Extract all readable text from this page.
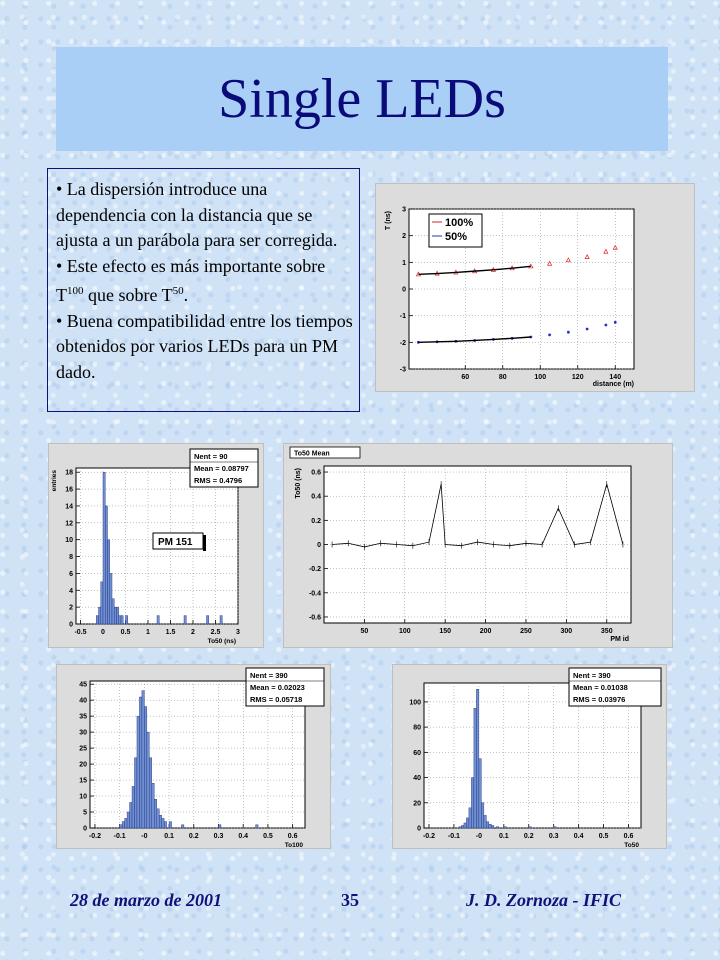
Single LEDs

• La dispersión introduce una dependencia con la distancia que se ajusta a un parábola para ser corregida.

• Este efecto es más importante sobre $T^{100}$ que sobre $T^{50}$.

• Buena compatibilidad entre los tiempos obtenidos por varios LEDs para un PM dado.	60	80	100	120	140
-3
-2
-1
0
1
2
3
100%
50%
distance (m)
T (ns)
-0.5 0 0.5 1 1.5 2 2.5 3
0
2
4
6
8
10
12
14
16
18
To50 (ns)
entries
Nent = 90
Mean = 0.08797
RMS = 0.4796
PM 151
50	100	150	200	250	300	350
0.6
0.4
0.2
0
-0.2
-0.4
-0.6
To50 Mean
PM id
To50 (ns)
-0.2 -0.1 -0 0.1 0.2 0.3 0.4 0.5 0.6
0
5
10
15
20
25
30
35
40
45
To100
Nent = 390
Mean = 0.02023
RMS = 0.05718
-0.2 -0.1 -0 0.1 0.2 0.3 0.4 0.5 0.6
0
20
40
60
80
100
To50
Nent = 390
Mean = 0.01038
RMS = 0.03976
28 de marzo de 2001	35	J. D. Zornoza - IFIC
